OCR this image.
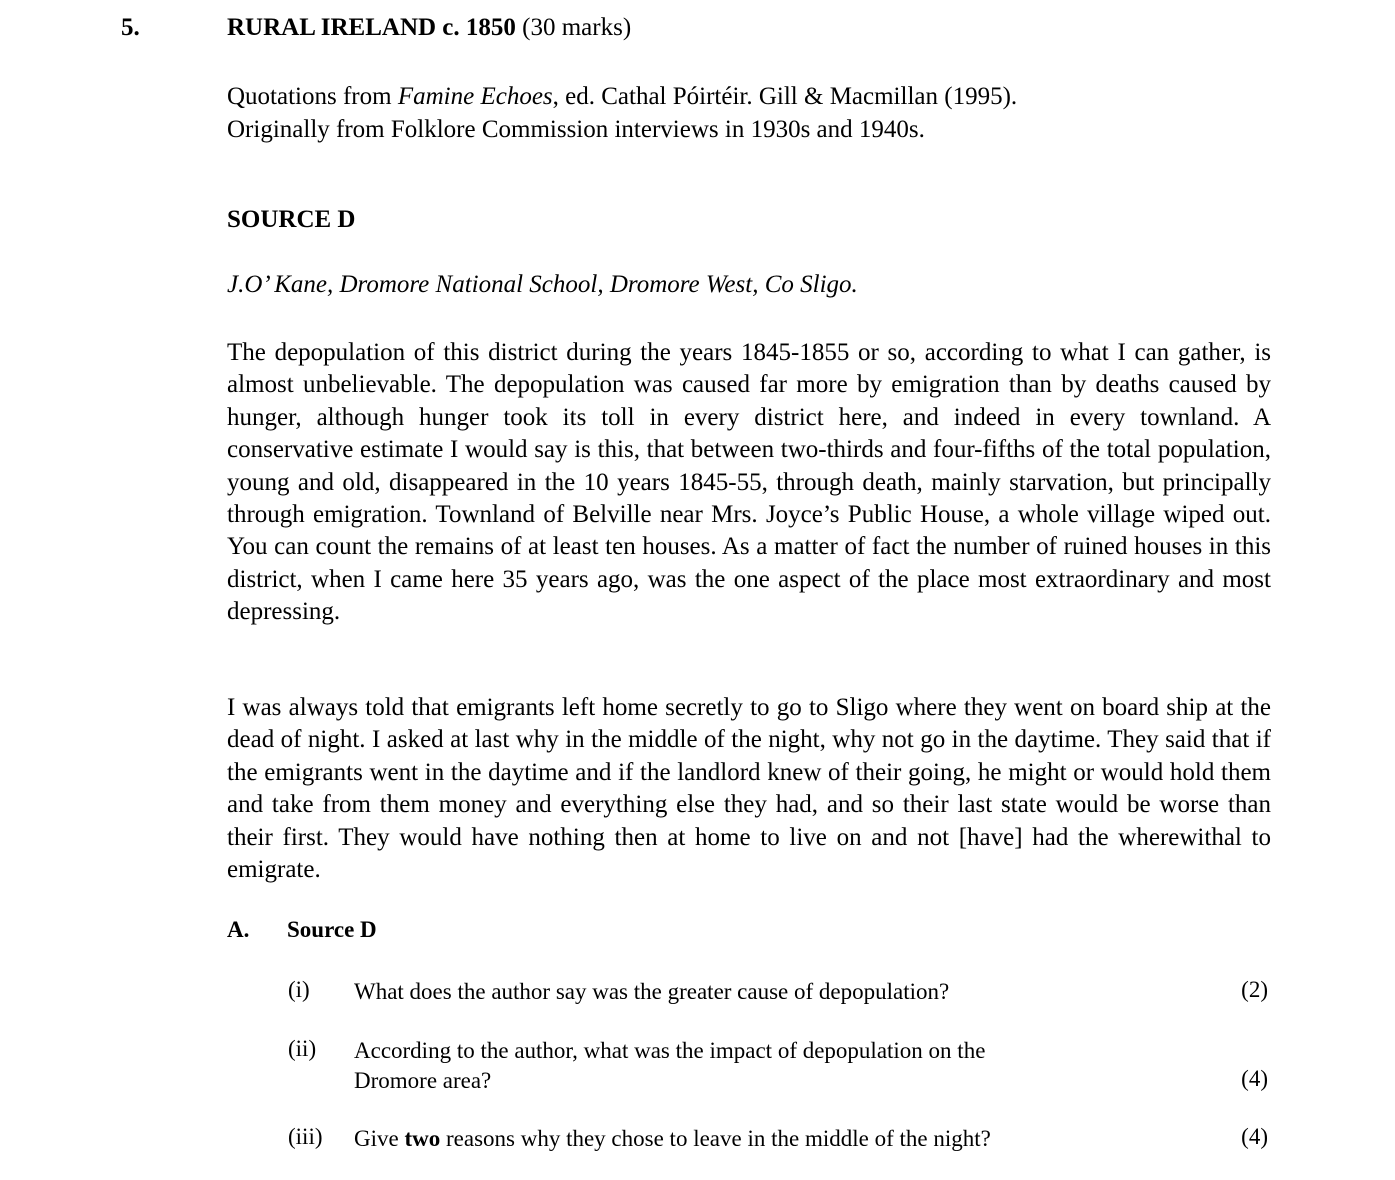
5.	RURAL IRELAND c. 1850 (30 marks)

Quotations from Famine Echoes, ed. Cathal Póirtéir. Gill & Macmillan (1995).

Originally from Folklore Commission interviews in 1930s and 1940s.

SOURCE D
J.O’ Kane, Dromore National School, Dromore West, Co Sligo.

The depopulation of this district during the years 1845-1855 or so, according to what I can gather, is almost unbelievable. The depopulation was caused far more by emigration than by deaths caused by hunger, although hunger took its toll in every district here, and indeed in every townland. A conservative estimate I would say is this, that between two-thirds and four-fifths of the total population, young and old, disappeared in the 10 years 1845-55, through death, mainly starvation, but principally through emigration. Townland of Belville near Mrs. Joyce’s Public House, a whole village wiped out. You can count the remains of at least ten houses. As a matter of fact the number of ruined houses in this district, when I came here 35 years ago, was the one aspect of the place most extraordinary and most depressing.

I was always told that emigrants left home secretly to go to Sligo where they went on board ship at the dead of night. I asked at last why in the middle of the night, why not go in the daytime. They said that if the emigrants went in the daytime and if the landlord knew of their going, he might or would hold them and take from them money and everything else they had, and so their last state would be worse than their first. They would have nothing then at home to live on and not [have] had the wherewithal to emigrate.

A. Source D
(i) What does the author say was the greater cause of depopulation?	(2)
(ii) According to the author, what was the impact of depopulation on the
Dromore area?	(4)
(iii) Give two reasons why they chose to leave in the middle of the night?	(4)
